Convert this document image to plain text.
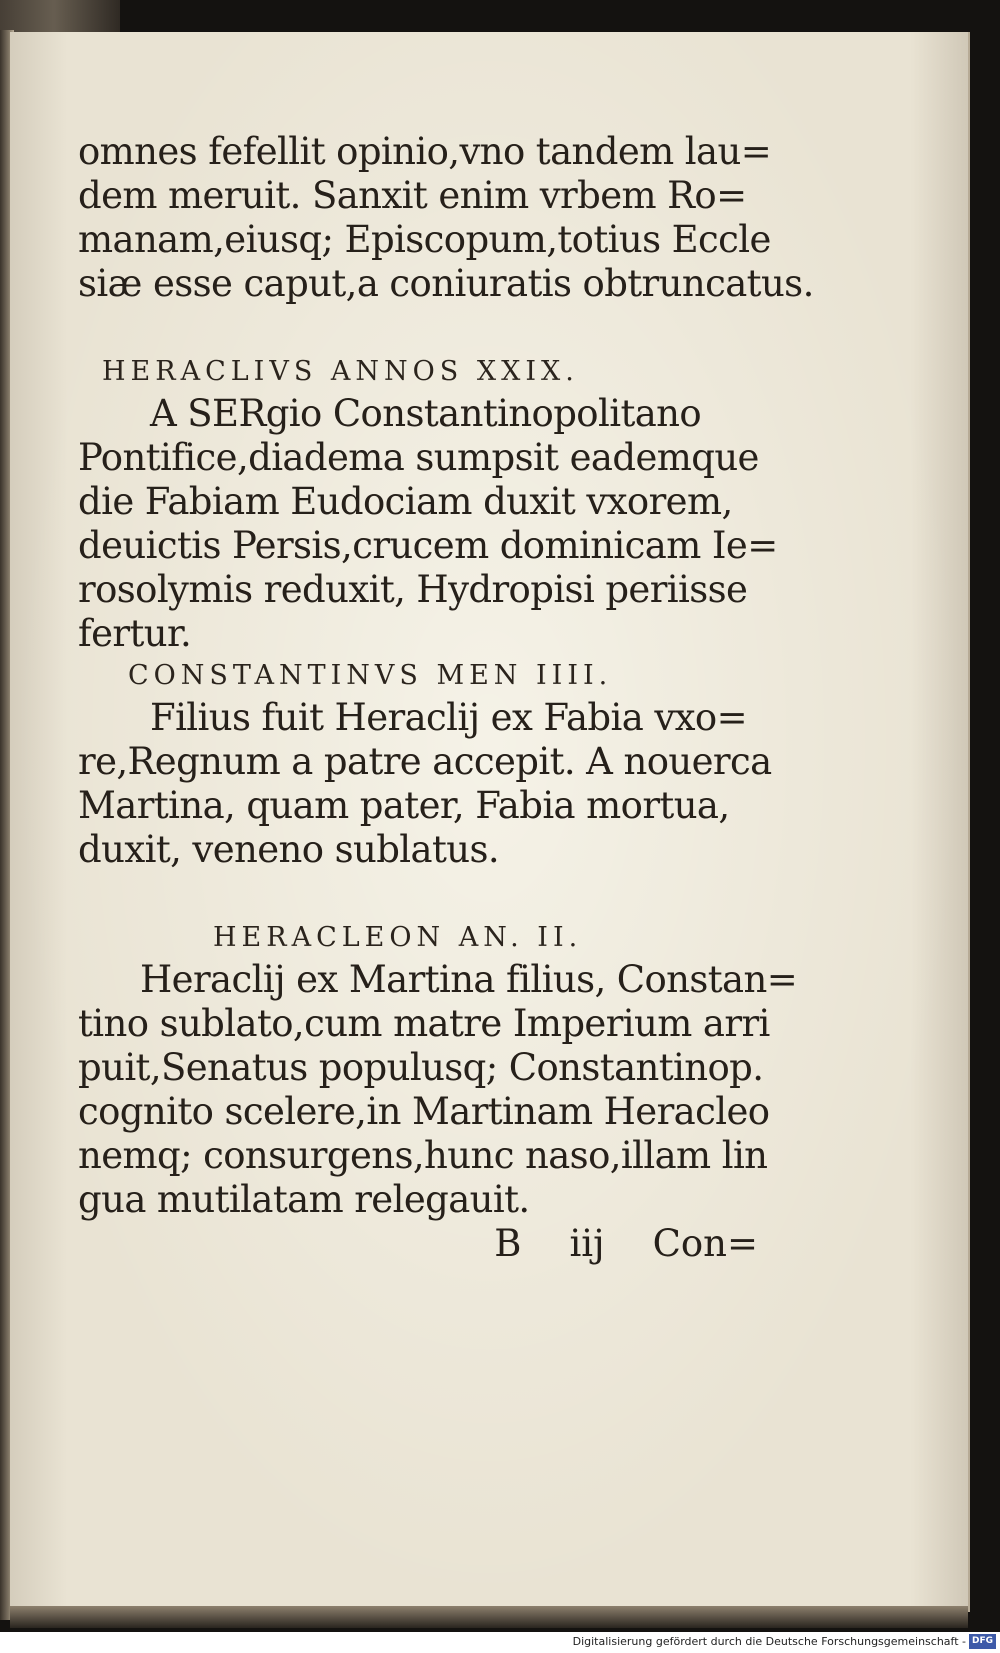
omnes fefellit opinio,vno tandem lau=
dem meruit. Sanxit enim vrbem Ro=
manam,eiusq; Episcopum,totius Eccle
siæ esse caput,a coniuratis obtruncatus.
HERACLIVS ANNOS XXIX.
A SERgio Constantinopolitano
Pontifice,diadema sumpsit eademque
die Fabiam Eudociam duxit vxorem,
deuictis Persis,crucem dominicam Ie=
rosolymis reduxit, Hydropisi periisse
fertur.
CONSTANTINVS MEN IIII.
Filius fuit Heraclij ex Fabia vxo=
re,Regnum a patre accepit. A nouerca
Martina, quam pater, Fabia mortua,
duxit, veneno sublatus.
HERACLEON AN. II.
Heraclij ex Martina filius, Constan=
tino sublato,cum matre Imperium arri
puit,Senatus populusq; Constantinop.
cognito scelere,in Martinam Heracleo
nemq; consurgens,hunc naso,illam lin
gua mutilatam relegauit.
B iij Con=
Digitalisierung gefördert durch die Deutsche Forschungsgemeinschaft - DFG
